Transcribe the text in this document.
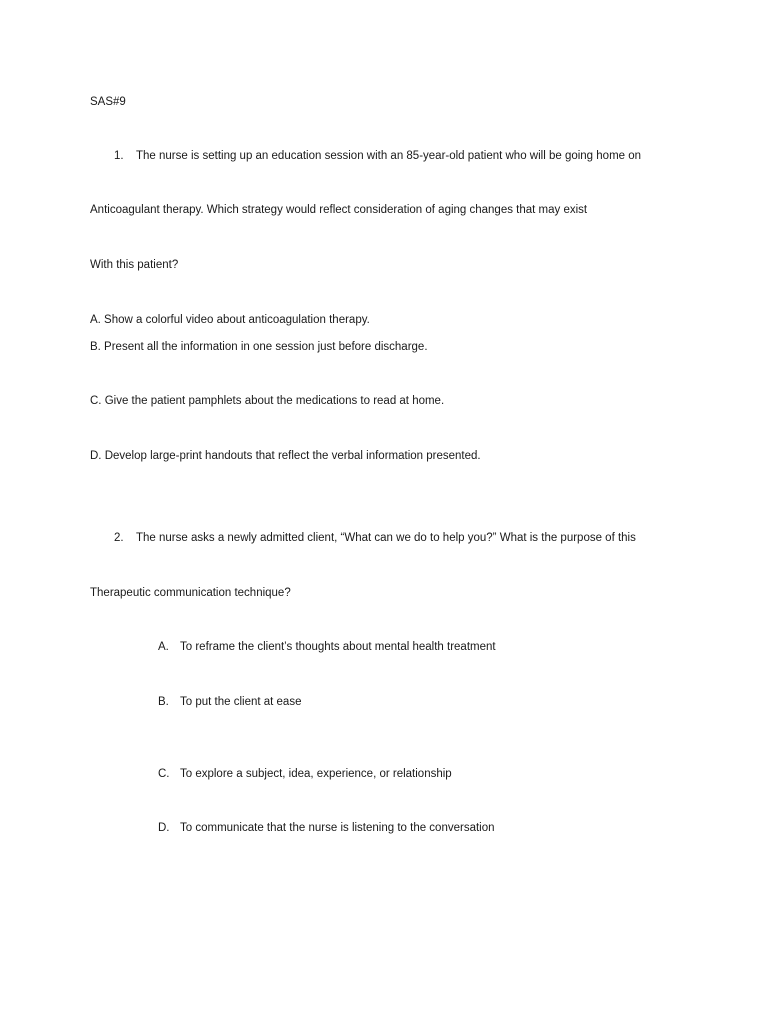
SAS#9
1. The nurse is setting up an education session with an 85-year-old patient who will be going home on
Anticoagulant therapy. Which strategy would reflect consideration of aging changes that may exist
With this patient?
A. Show a colorful video about anticoagulation therapy.
B. Present all the information in one session just before discharge.
C. Give the patient pamphlets about the medications to read at home.
D. Develop large-print handouts that reflect the verbal information presented.
2. The nurse asks a newly admitted client, “What can we do to help you?” What is the purpose of this
Therapeutic communication technique?
A. To reframe the client’s thoughts about mental health treatment
B. To put the client at ease
C. To explore a subject, idea, experience, or relationship
D. To communicate that the nurse is listening to the conversation
